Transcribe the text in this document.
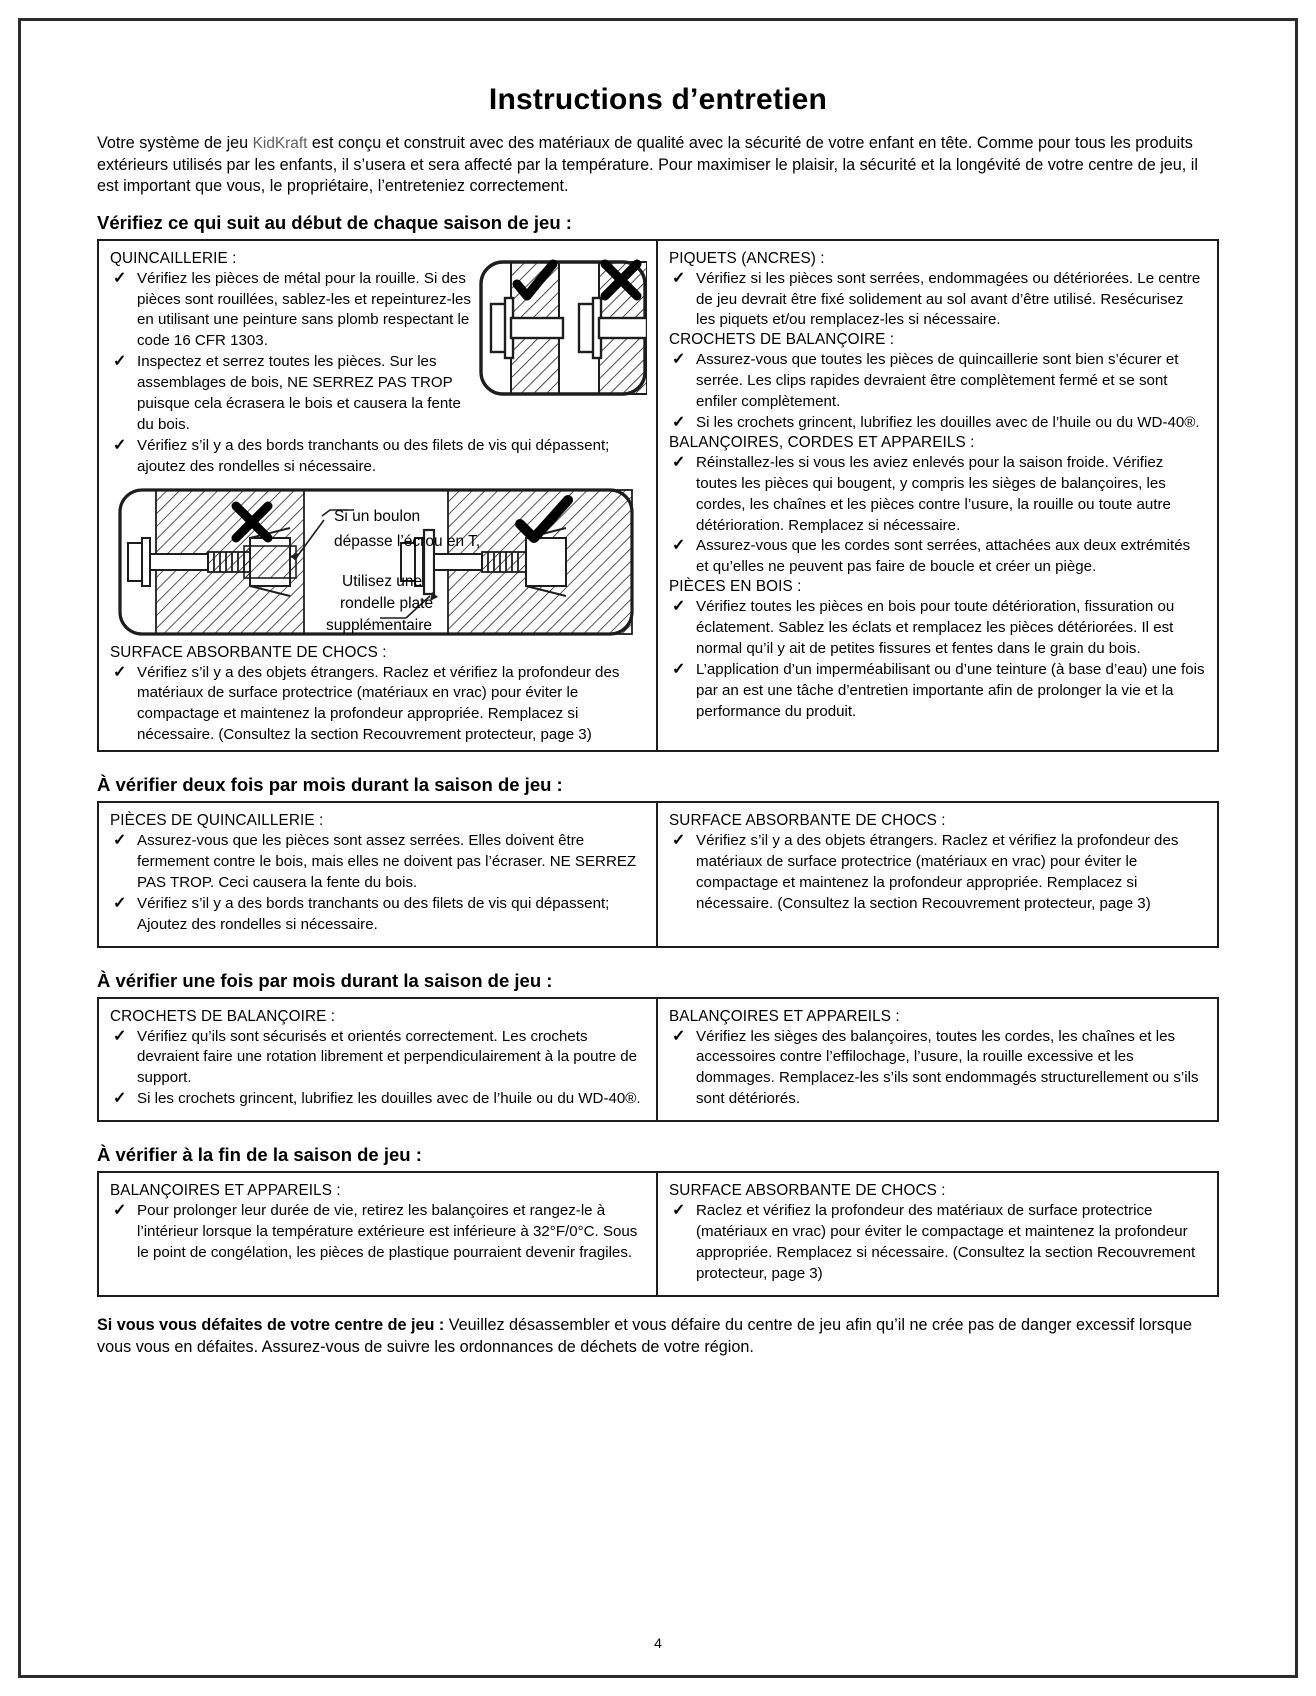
Instructions d’entretien

Votre système de jeu KidKraft est conçu et construit avec des matériaux de qualité avec la sécurité de votre enfant en tête. Comme pour tous les produits extérieurs utilisés par les enfants, il s’usera et sera affecté par la température. Pour maximiser le plaisir, la sécurité et la longévité de votre centre de jeu, il est important que vous, le propriétaire, l’entreteniez correctement.

Vérifiez ce qui suit au début de chaque saison de jeu :

QUINCAILLERIE :

✓ Vérifiez les pièces de métal pour la rouille. Si des pièces sont rouillées, sablez-les et repeinturez-les en utilisant une peinture sans plomb respectant le code 16 CFR 1303.
✓ Inspectez et serrez toutes les pièces. Sur les assemblages de bois, NE SERREZ PAS TROP puisque cela écrasera le bois et causera la fente du bois.
✓ Vérifiez s’il y a des bords tranchants ou des filets de vis qui dépassent; ajoutez des rondelles si nécessaire.
Si un boulon
dépasse l’écrou en T,
Utilisez une
rondelle plate
supplémentaire

SURFACE ABSORBANTE DE CHOCS :

✓ Vérifiez s’il y a des objets étrangers. Raclez et vérifiez la profondeur des matériaux de surface protectrice (matériaux en vrac) pour éviter le compactage et maintenez la profondeur appropriée. Remplacez si nécessaire. (Consultez la section Recouvrement protecteur, page 3)

PIQUETS (ANCRES) :

✓ Vérifiez si les pièces sont serrées, endommagées ou détériorées. Le centre de jeu devrait être fixé solidement au sol avant d’être utilisé. Resécurisez les piquets et/ou remplacez-les si nécessaire.

CROCHETS DE BALANÇOIRE :

✓ Assurez-vous que toutes les pièces de quincaillerie sont bien s’écurer et serrée. Les clips rapides devraient être complètement fermé et se sont enfiler complètement.
✓ Si les crochets grincent, lubrifiez les douilles avec de l’huile ou du WD-40®.

BALANÇOIRES, CORDES ET APPAREILS :

✓ Réinstallez-les si vous les aviez enlevés pour la saison froide. Vérifiez toutes les pièces qui bougent, y compris les sièges de balançoires, les cordes, les chaînes et les pièces contre l’usure, la rouille ou toute autre détérioration. Remplacez si nécessaire.
✓ Assurez-vous que les cordes sont serrées, attachées aux deux extrémités et qu’elles ne peuvent pas faire de boucle et créer un piège.

PIÈCES EN BOIS :

✓ Vérifiez toutes les pièces en bois pour toute détérioration, fissuration ou éclatement. Sablez les éclats et remplacez les pièces détériorées. Il est normal qu’il y ait de petites fissures et fentes dans le grain du bois.
✓ L’application d’un imperméabilisant ou d’une teinture (à base d’eau) une fois par an est une tâche d’entretien importante afin de prolonger la vie et la performance du produit.
À vérifier deux fois par mois durant la saison de jeu :

PIÈCES DE QUINCAILLERIE :

✓ Assurez-vous que les pièces sont assez serrées. Elles doivent être fermement contre le bois, mais elles ne doivent pas l’écraser. NE SERREZ PAS TROP. Ceci causera la fente du bois.
✓ Vérifiez s’il y a des bords tranchants ou des filets de vis qui dépassent; Ajoutez des rondelles si nécessaire.

SURFACE ABSORBANTE DE CHOCS :

✓ Vérifiez s’il y a des objets étrangers. Raclez et vérifiez la profondeur des matériaux de surface protectrice (matériaux en vrac) pour éviter le compactage et maintenez la profondeur appropriée. Remplacez si nécessaire. (Consultez la section Recouvrement protecteur, page 3)
À vérifier une fois par mois durant la saison de jeu :

CROCHETS DE BALANÇOIRE :

✓ Vérifiez qu’ils sont sécurisés et orientés correctement. Les crochets devraient faire une rotation librement et perpendiculairement à la poutre de support.
✓ Si les crochets grincent, lubrifiez les douilles avec de l’huile ou du WD-40®.

BALANÇOIRES ET APPAREILS :

✓ Vérifiez les sièges des balançoires, toutes les cordes, les chaînes et les accessoires contre l’effilochage, l’usure, la rouille excessive et les dommages. Remplacez-les s’ils sont endommagés structurellement ou s’ils sont détériorés.
À vérifier à la fin de la saison de jeu :

BALANÇOIRES ET APPAREILS :

✓ Pour prolonger leur durée de vie, retirez les balançoires et rangez-le à l’intérieur lorsque la température extérieure est inférieure à 32°F/0°C. Sous le point de congélation, les pièces de plastique pourraient devenir fragiles.

SURFACE ABSORBANTE DE CHOCS :

✓ Raclez et vérifiez la profondeur des matériaux de surface protectrice (matériaux en vrac) pour éviter le compactage et maintenez la profondeur appropriée. Remplacez si nécessaire. (Consultez la section Recouvrement protecteur, page 3)

Si vous vous défaites de votre centre de jeu : Veuillez désassembler et vous défaire du centre de jeu afin qu’il ne crée pas de danger excessif lorsque vous vous en défaites. Assurez-vous de suivre les ordonnances de déchets de votre région.

4
